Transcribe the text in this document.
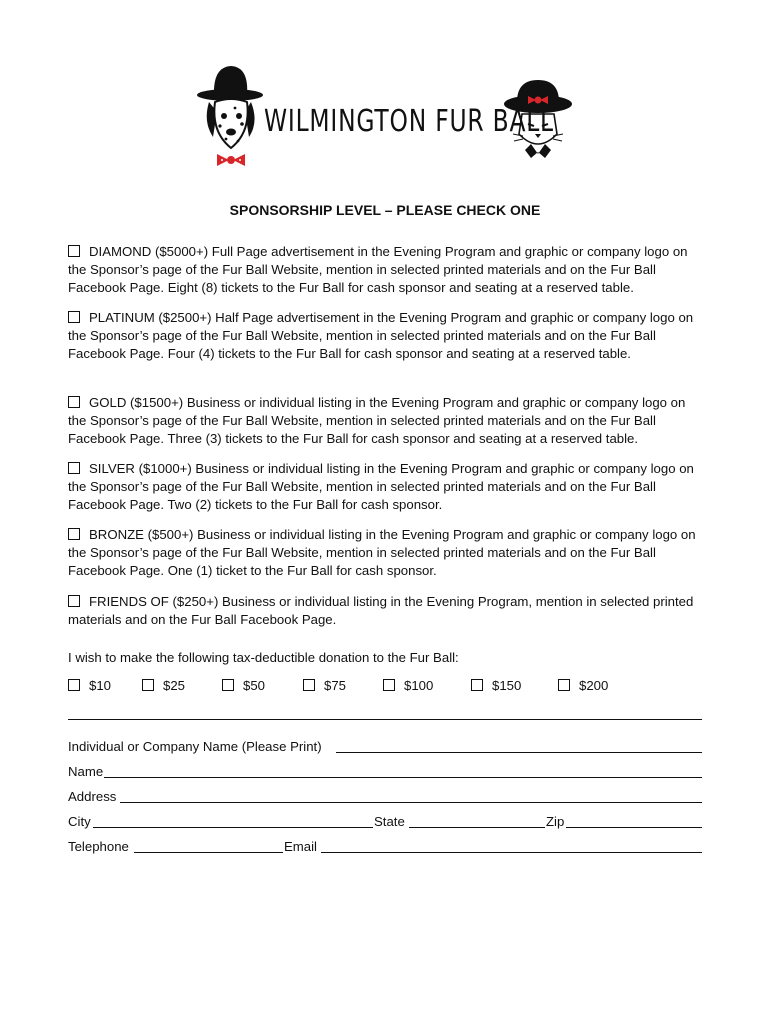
WILMINGTON FUR BALL
SPONSORSHIP LEVEL – PLEASE CHECK ONE
DIAMOND ($5000+) Full Page advertisement in the Evening Program and graphic or company logo on the Sponsor’s page of the Fur Ball Website, mention in selected printed materials and on the Fur Ball Facebook Page. Eight (8) tickets to the Fur Ball for cash sponsor and seating at a reserved table.
PLATINUM ($2500+) Half Page advertisement in the Evening Program and graphic or company logo on the Sponsor’s page of the Fur Ball Website, mention in selected printed materials and on the Fur Ball Facebook Page. Four (4) tickets to the Fur Ball for cash sponsor and seating at a reserved table.
GOLD ($1500+) Business or individual listing in the Evening Program and graphic or company logo on the Sponsor’s page of the Fur Ball Website, mention in selected printed materials and on the Fur Ball Facebook Page. Three (3) tickets to the Fur Ball for cash sponsor and seating at a reserved table.
SILVER ($1000+) Business or individual listing in the Evening Program and graphic or company logo on the Sponsor’s page of the Fur Ball Website, mention in selected printed materials and on the Fur Ball Facebook Page. Two (2) tickets to the Fur Ball for cash sponsor.
BRONZE ($500+) Business or individual listing in the Evening Program and graphic or company logo on the Sponsor’s page of the Fur Ball Website, mention in selected printed materials and on the Fur Ball Facebook Page. One (1) ticket to the Fur Ball for cash sponsor.
FRIENDS OF ($250+) Business or individual listing in the Evening Program, mention in selected printed materials and on the Fur Ball Facebook Page.
I wish to make the following tax-deductible donation to the Fur Ball:
$10	$25	$50	$75	$100	$150	$200
Individual or Company Name (Please Print)
Name
Address
City	State	Zip
Telephone	Email
